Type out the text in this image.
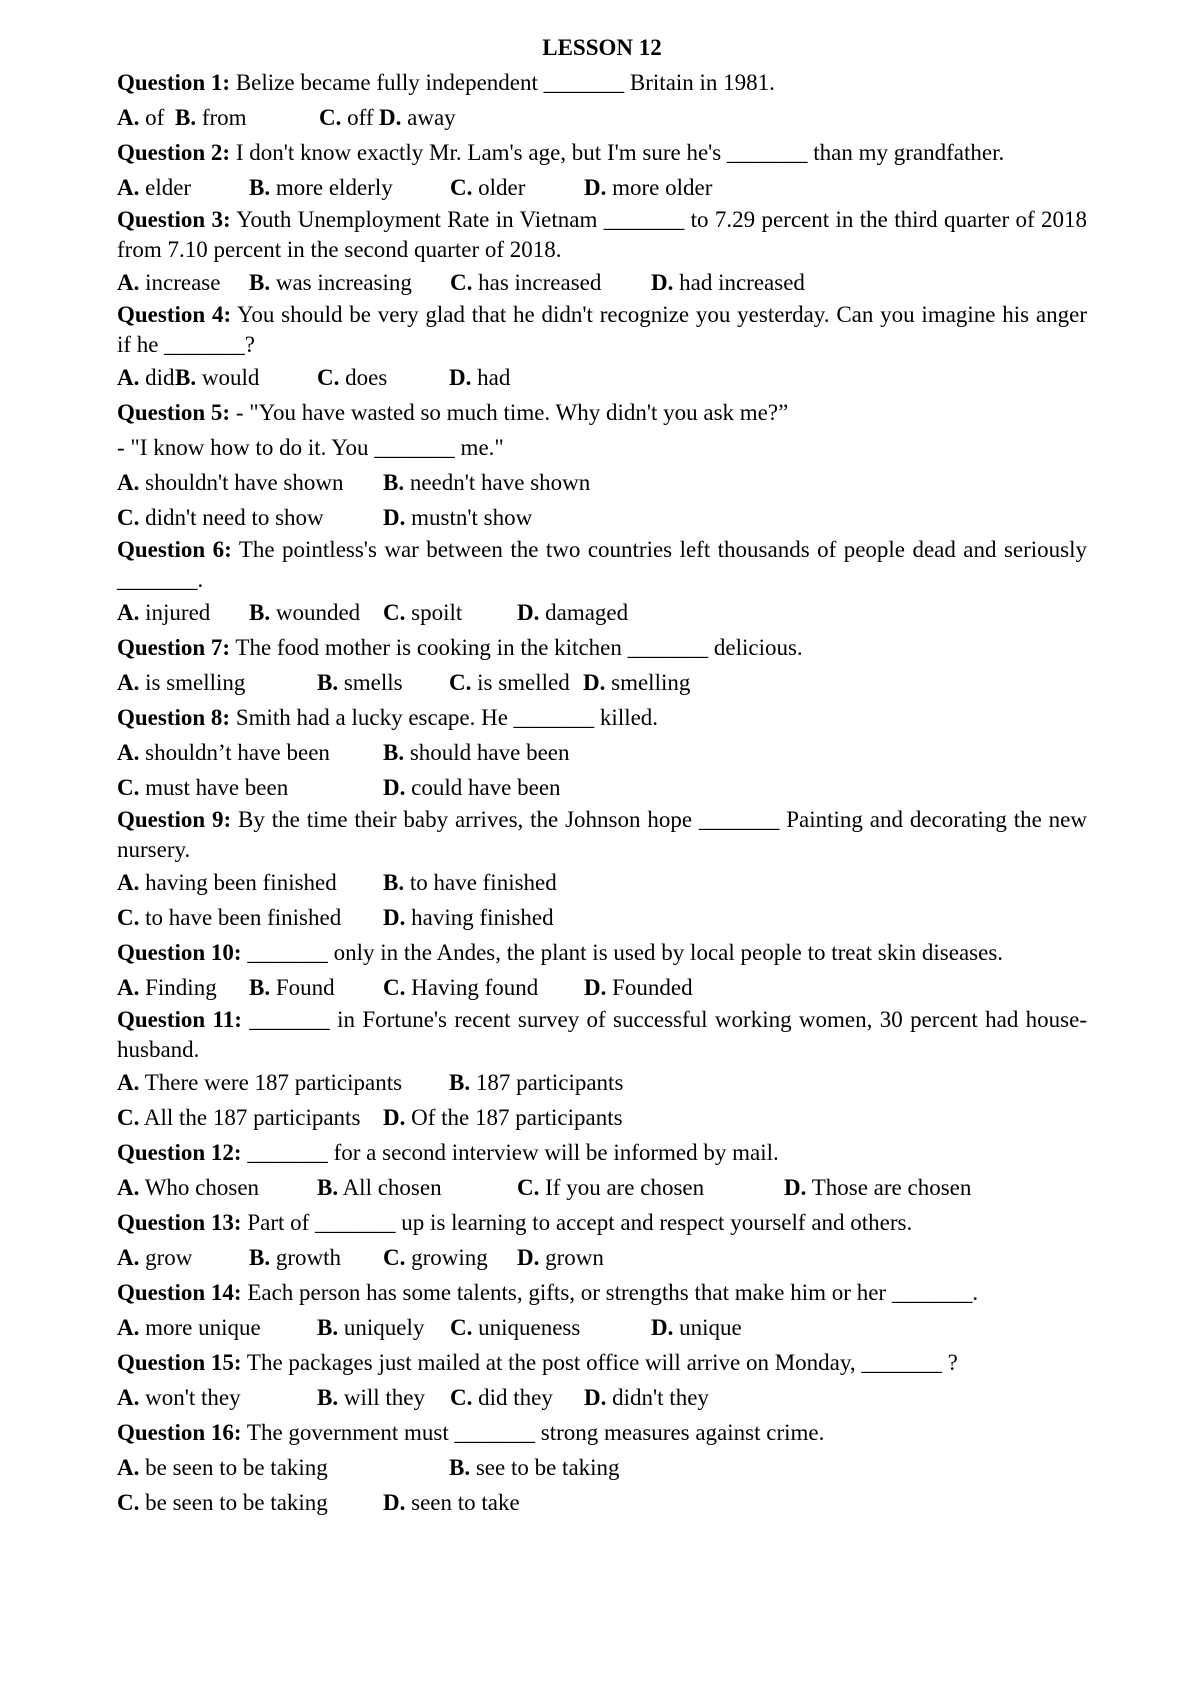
LESSON 12
Question 1: Belize became fully independent _______ Britain in 1981.
A. of B. from	C. off D. away
Question 2: I don't know exactly Mr. Lam's age, but I'm sure he's _______ than my grandfather.
A. elder	B. more elderly C. older	D. more older
Question 3: Youth Unemployment Rate in Vietnam _______ to 7.29 percent in the third quarter of 2018 from 7.10 percent in the second quarter of 2018.
A. increase B. was increasing C. has increased D. had increased
Question 4: You should be very glad that he didn't recognize you yesterday. Can you imagine his anger if he _______?
A. did B. would	C. does	D. had
Question 5: - "You have wasted so much time. Why didn't you ask me?”
- "I know how to do it. You _______ me."
A. shouldn't have shown B. needn't have shown
C. didn't need to show	D. mustn't show
Question 6: The pointless's war between the two countries left thousands of people dead and seriously _______.
A. injured B. wounded C. spoilt D. damaged
Question 7: The food mother is cooking in the kitchen _______ delicious.
A. is smelling	B. smells C. is smelled D. smelling
Question 8: Smith had a lucky escape. He _______ killed.
A. shouldn’t have been B. should have been
C. must have been	D. could have been
Question 9: By the time their baby arrives, the Johnson hope _______ Painting and decorating the new nursery.
A. having been finished B. to have finished
C. to have been finished D. having finished
Question 10: _______ only in the Andes, the plant is used by local people to treat skin diseases.
A. Finding B. Found C. Having found D. Founded
Question 11: _______ in Fortune's recent survey of successful working women, 30 percent had house-husband.
A. There were 187 participants B. 187 participants
C. All the 187 participants D. Of the 187 participants
Question 12: _______ for a second interview will be informed by mail.
A. Who chosen	B. All chosen	C. If you are chosen	D. Those are chosen
Question 13: Part of _______ up is learning to accept and respect yourself and others.
A. grow B. growth C. growing D. grown
Question 14: Each person has some talents, gifts, or strengths that make him or her _______.
A. more unique B. uniquely C. uniqueness	D. unique
Question 15: The packages just mailed at the post office will arrive on Monday, _______ ?
A. won't they	B. will they C. did they D. didn't they
Question 16: The government must _______ strong measures against crime.
A. be seen to be taking	B. see to be taking
C. be seen to be taking D. seen to take
